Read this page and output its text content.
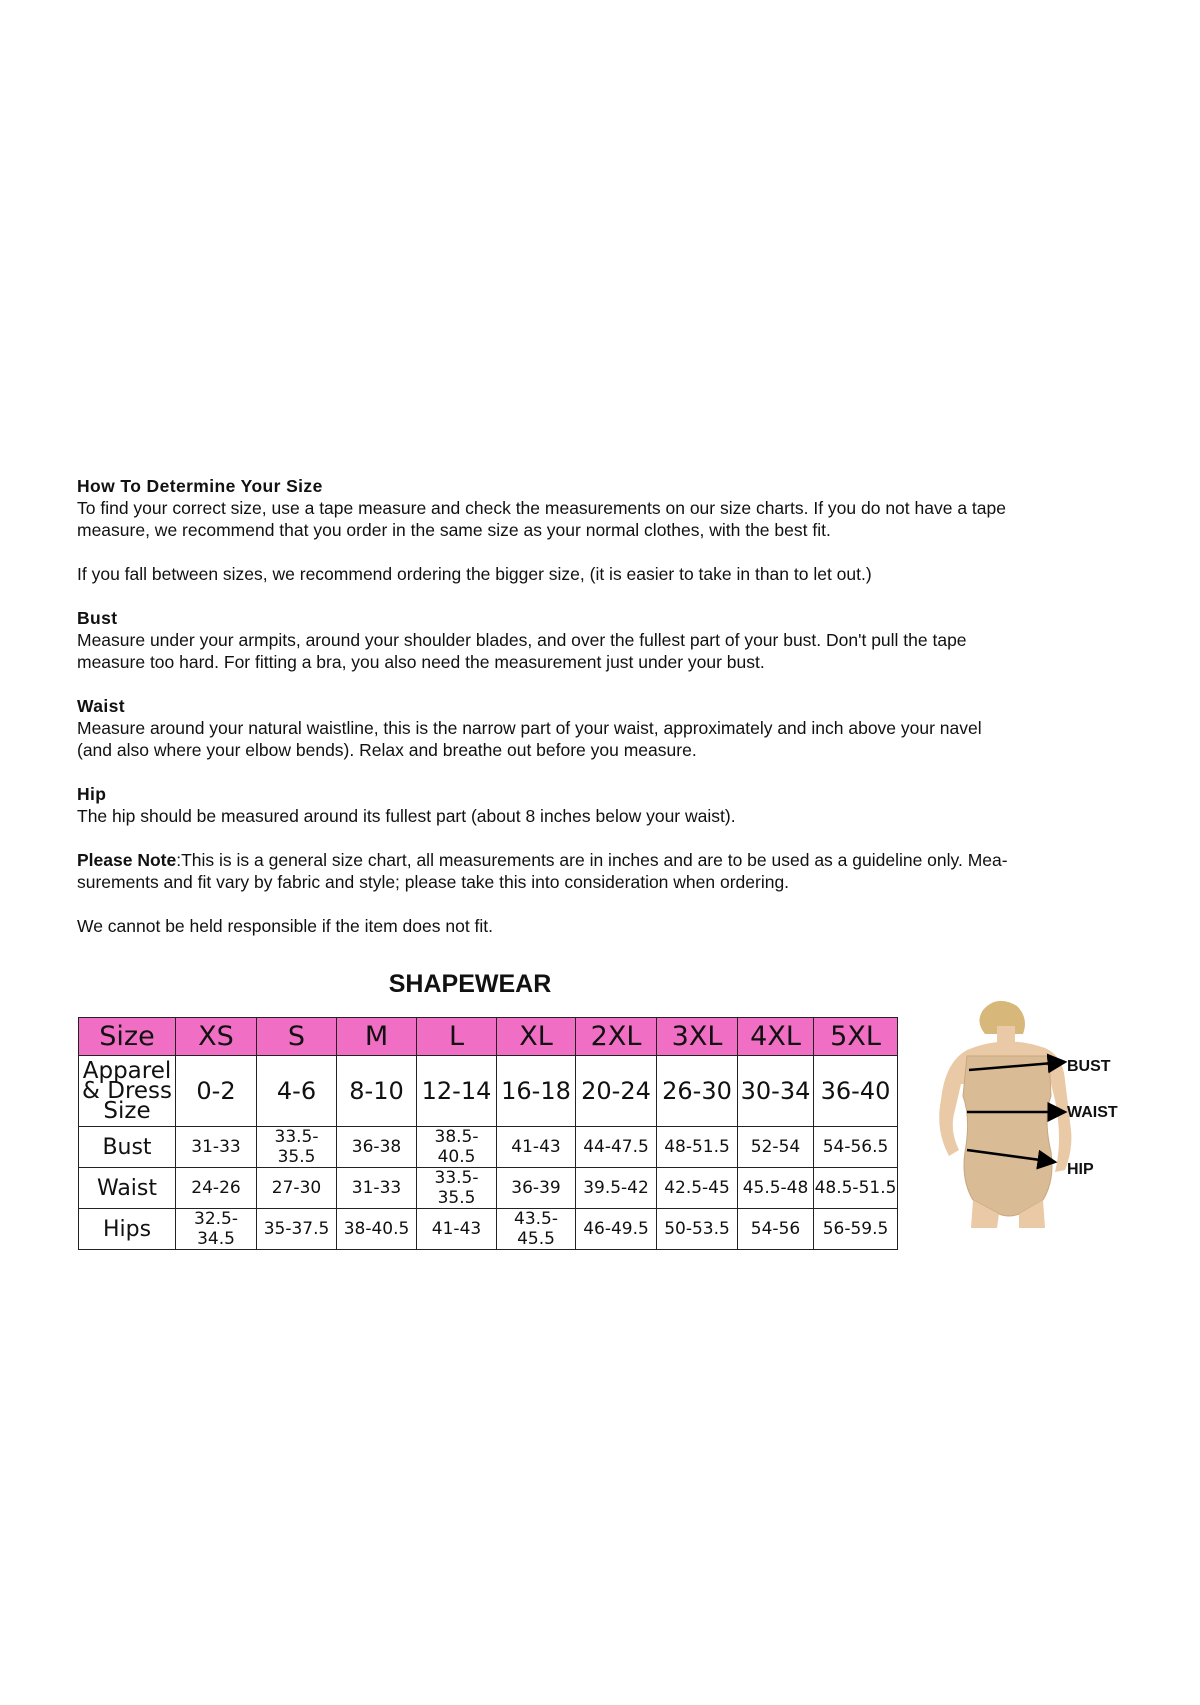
How To Determine Your Size

To find your correct size, use a tape measure and check the measurements on our size charts. If you do not have a tape

measure, we recommend that you order in the same size as your normal clothes, with the best fit.

If you fall between sizes, we recommend ordering the bigger size, (it is easier to take in than to let out.)

Bust

Measure under your armpits, around your shoulder blades, and over the fullest part of your bust. Don't pull the tape

measure too hard. For fitting a bra, you also need the measurement just under your bust.

Waist

Measure around your natural waistline, this is the narrow part of your waist, approximately and inch above your navel

(and also where your elbow bends). Relax and breathe out before you measure.

Hip

The hip should be measured around its fullest part (about 8 inches below your waist).

Please Note:This is is a general size chart, all measurements are in inches and are to be used as a guideline only. Mea-

surements and fit vary by fabric and style; please take this into consideration when ordering.

We cannot be held responsible if the item does not fit.

SHAPEWEAR
Size	XS	S	M	L	XL	2XL	3XL	4XL	5XL

Apparel
& Dress
Size	0-2	4-6	8-10	12-14	16-18	20-24	26-30	30-34	36-40
Bust	31-33	33.5-35.5	36-38	38.5-40.5	41-43	44-47.5	48-51.5	52-54	54-56.5
Waist	24-26	27-30	31-33	33.5-35.5	36-39	39.5-42	42.5-45	45.5-48	48.5-51.5
Hips	32.5-34.5	35-37.5	38-40.5	41-43	43.5-45.5	46-49.5	50-53.5	54-56	56-59.5
BUST
WAIST
HIP
